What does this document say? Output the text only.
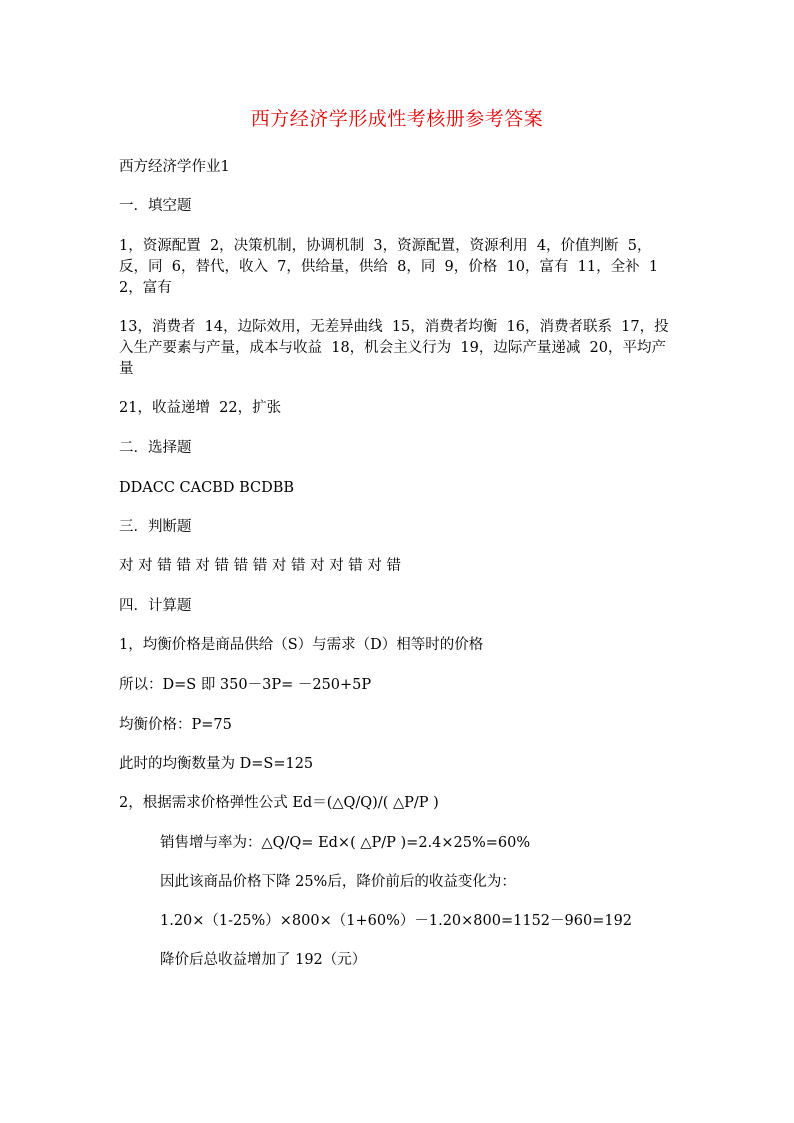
西方经济学形成性考核册参考答案
西方经济学作业1
一．填空题
1，资源配置  2，决策机制，协调机制  3，资源配置，资源利用  4，价值判断  5，反，同  6，替代，收入  7，供给量，供给  8，同  9，价格  10，富有  11，全补  12，富有
13，消费者  14，边际效用，无差异曲线  15，消费者均衡  16，消费者联系  17，投入生产要素与产量，成本与收益  18，机会主义行为  19，边际产量递减  20，平均产量
21，收益递增  22，扩张
二．选择题
DDACC CACBD BCDBB
三．判断题
对 对 错 错 对 错 错 错 对 错 对 对 错 对 错
四．计算题
1，均衡价格是商品供给（S）与需求（D）相等时的价格
所以：D=S 即 350－3P= －250+5P
均衡价格：P=75
此时的均衡数量为 D=S=125
2，根据需求价格弹性公式 Ed＝(△Q/Q)/( △P/P )
销售增与率为：△Q/Q= Ed×( △P/P )=2.4×25%=60%
因此该商品价格下降 25%后，降价前后的收益变化为：
1.20×（1-25%）×800×（1+60%）－1.20×800=1152－960=192
降价后总收益增加了 192（元）
